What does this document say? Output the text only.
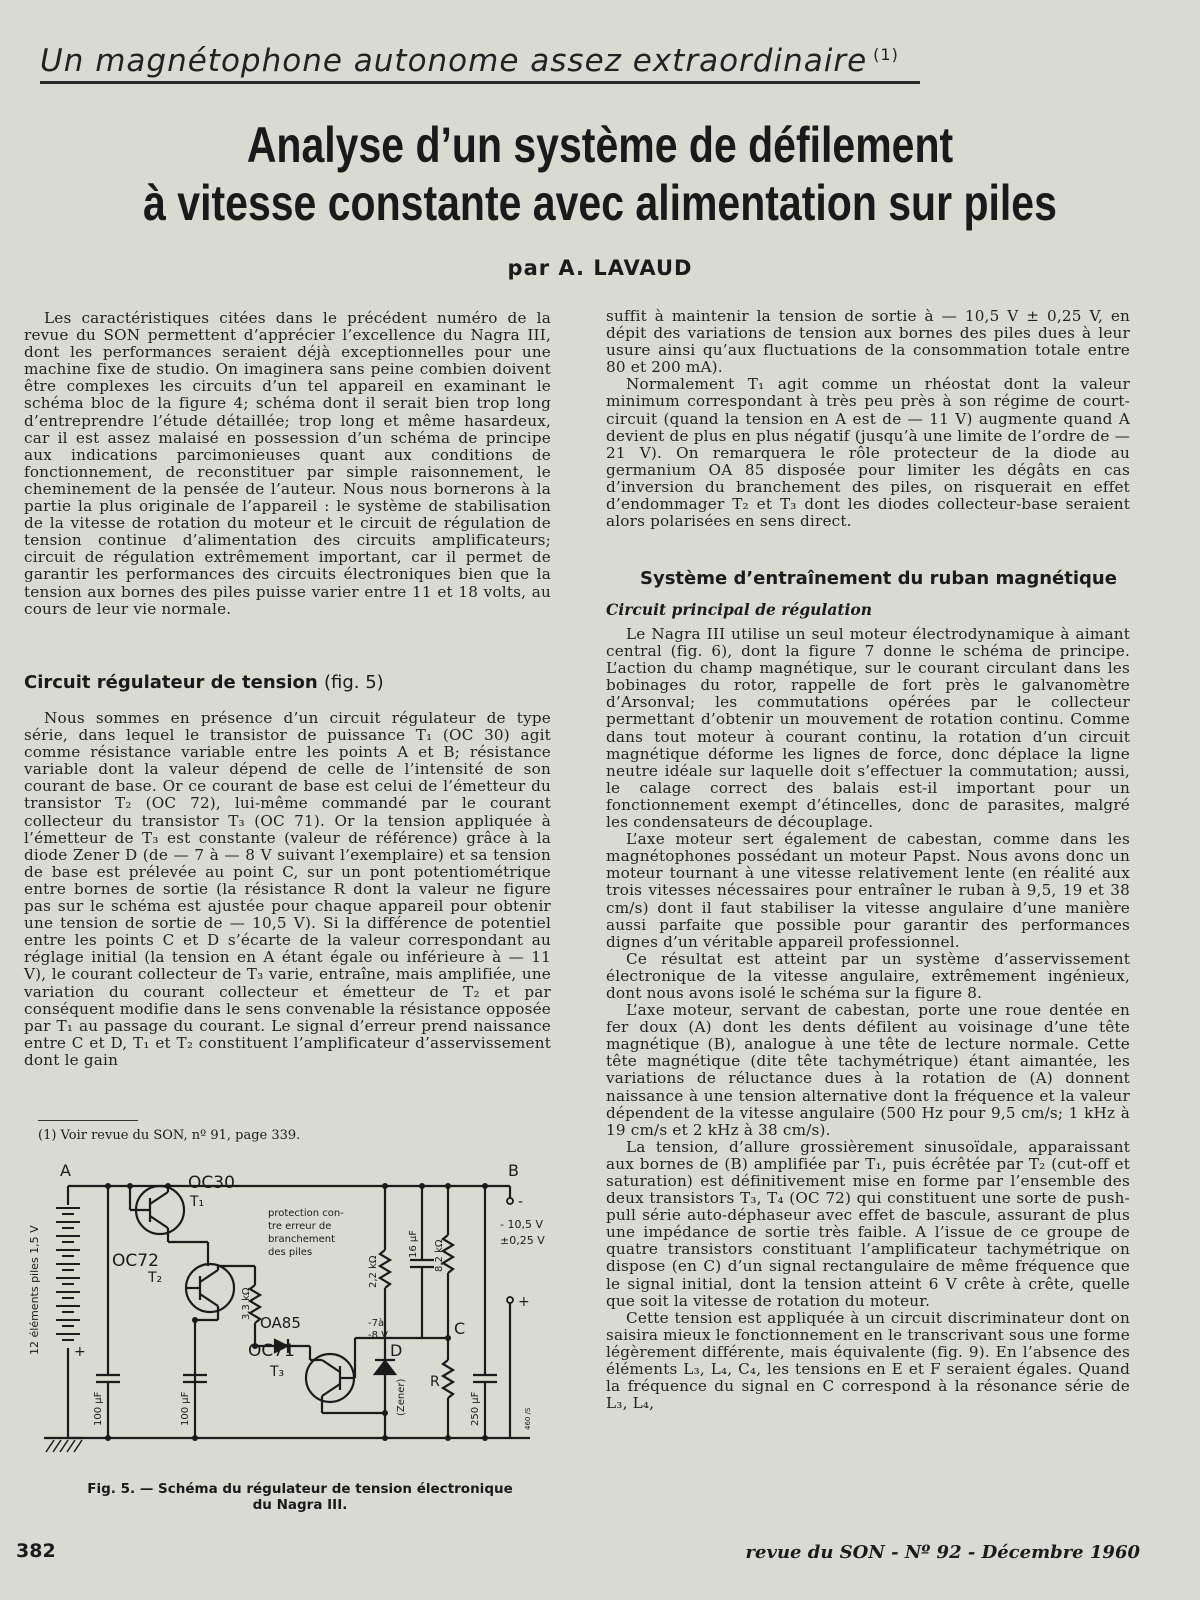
Un magnétophone autonome assez extraordinaire $^{(1)}$
Analyse d’un système de défilement
à vitesse constante avec alimentation sur piles
par A. LAVAUD

Les caractéristiques citées dans le précédent numéro de la revue du SON permettent d’apprécier l’excellence du Nagra III, dont les performances seraient déjà exceptionnelles pour une machine fixe de studio. On imaginera sans peine combien doivent être complexes les circuits d’un tel appareil en examinant le schéma bloc de la figure 4; schéma dont il serait bien trop long d’entreprendre l’étude détaillée; trop long et même hasardeux, car il est assez malaisé en possession d’un schéma de principe aux indications parcimonieuses quant aux conditions de fonctionnement, de reconstituer par simple raisonnement, le cheminement de la pensée de l’auteur. Nous nous bornerons à la partie la plus originale de l’appareil : le système de stabilisation de la vitesse de rotation du moteur et le circuit de régulation de tension continue d’alimentation des circuits amplificateurs; circuit de régulation extrêmement important, car il permet de garantir les performances des circuits électroniques bien que la tension aux bornes des piles puisse varier entre 11 et 18 volts, au cours de leur vie normale.

Circuit régulateur de tension (fig. 5)

Nous sommes en présence d’un circuit régulateur de type série, dans lequel le transistor de puissance T₁ (OC 30) agit comme résistance variable entre les points A et B; résistance variable dont la valeur dépend de celle de l’intensité de son courant de base. Or ce courant de base est celui de l’émetteur du transistor T₂ (OC 72), lui-même commandé par le courant collecteur du transistor T₃ (OC 71). Or la tension appliquée à l’émetteur de T₃ est constante (valeur de référence) grâce à la diode Zener D (de — 7 à — 8 V suivant l’exemplaire) et sa tension de base est prélevée au point C, sur un pont potentiométrique entre bornes de sortie (la résistance R dont la valeur ne figure pas sur le schéma est ajustée pour chaque appareil pour obtenir une tension de sortie de — 10,5 V). Si la différence de potentiel entre les points C et D s’écarte de la valeur correspondant au réglage initial (la tension en A étant égale ou inférieure à — 11 V), le courant collecteur de T₃ varie, entraîne, mais amplifiée, une variation du courant collecteur et émetteur de T₂ et par conséquent modifie dans le sens convenable la résistance opposée par T₁ au passage du courant. Le signal d’erreur prend naissance entre C et D, T₁ et T₂ constituent l’amplificateur d’asservissement dont le gain

(1) Voir revue du SON, nº 91, page 339.
A	B
C
D
OC30
T₁
OC72
T₂
OC71
T₃
OA85
12 éléments piles 1,5 V
protection con-
tre erreur de
branchement
des piles
3,3 kΩ
2,2 kΩ
16 µF 8,2 kΩ
100 µF	100 µF	250 µF
-7à
-8 V
(Zener) R
- 10,5 V
±0,25 V
-
+
+
460 /S
Fig. 5. — Schéma du régulateur de tension électronique
du Nagra III.

suffit à maintenir la tension de sortie à — 10,5 V ± 0,25 V, en dépit des variations de tension aux bornes des piles dues à leur usure ainsi qu’aux fluctuations de la consommation totale entre 80 et 200 mA).

Normalement T₁ agit comme un rhéostat dont la valeur minimum correspondant à très peu près à son régime de court-circuit (quand la tension en A est de — 11 V) augmente quand A devient de plus en plus négatif (jusqu’à une limite de l’ordre de — 21 V). On remarquera le rôle protecteur de la diode au germanium OA 85 disposée pour limiter les dégâts en cas d’inversion du branchement des piles, on risquerait en effet d’endommager T₂ et T₃ dont les diodes collecteur-base seraient alors polarisées en sens direct.

Système d’entraînement du ruban magnétique
Circuit principal de régulation

Le Nagra III utilise un seul moteur électrodynamique à aimant central (fig. 6), dont la figure 7 donne le schéma de principe. L’action du champ magnétique, sur le courant circulant dans les bobinages du rotor, rappelle de fort près le galvanomètre d’Arsonval; les commutations opérées par le collecteur permettant d’obtenir un mouvement de rotation continu. Comme dans tout moteur à courant continu, la rotation d’un circuit magnétique déforme les lignes de force, donc déplace la ligne neutre idéale sur laquelle doit s’effectuer la commutation; aussi, le calage correct des balais est-il important pour un fonctionnement exempt d’étincelles, donc de parasites, malgré les condensateurs de découplage.

L’axe moteur sert également de cabestan, comme dans les magnétophones possédant un moteur Papst. Nous avons donc un moteur tournant à une vitesse relativement lente (en réalité aux trois vitesses nécessaires pour entraîner le ruban à 9,5, 19 et 38 cm/s) dont il faut stabiliser la vitesse angulaire d’une manière aussi parfaite que possible pour garantir des performances dignes d’un véritable appareil professionnel.

Ce résultat est atteint par un système d’asservissement électronique de la vitesse angulaire, extrêmement ingénieux, dont nous avons isolé le schéma sur la figure 8.

L’axe moteur, servant de cabestan, porte une roue dentée en fer doux (A) dont les dents défilent au voisinage d’une tête magnétique (B), analogue à une tête de lecture normale. Cette tête magnétique (dite tête tachymétrique) étant aimantée, les variations de réluctance dues à la rotation de (A) donnent naissance à une tension alternative dont la fréquence et la valeur dépendent de la vitesse angulaire (500 Hz pour 9,5 cm/s; 1 kHz à 19 cm/s et 2 kHz à 38 cm/s).

La tension, d’allure grossièrement sinusoïdale, apparaissant aux bornes de (B) amplifiée par T₁, puis écrêtée par T₂ (cut-off et saturation) est définitivement mise en forme par l’ensemble des deux transistors T₃, T₄ (OC 72) qui constituent une sorte de push-pull série auto-déphaseur avec effet de bascule, assurant de plus une impédance de sortie très faible. A l’issue de ce groupe de quatre transistors constituant l’amplificateur tachymétrique on dispose (en C) d’un signal rectangulaire de même fréquence que le signal initial, dont la tension atteint 6 V crête à crête, quelle que soit la vitesse de rotation du moteur.

Cette tension est appliquée à un circuit discriminateur dont on saisira mieux le fonctionnement en le transcrivant sous une forme légèrement différente, mais équivalente (fig. 9). En l’absence des éléments L₃, L₄, C₄, les tensions en E et F seraient égales. Quand la fréquence du signal en C correspond à la résonance série de L₃, L₄,

382	revue du SON - Nº 92 - Décembre 1960
